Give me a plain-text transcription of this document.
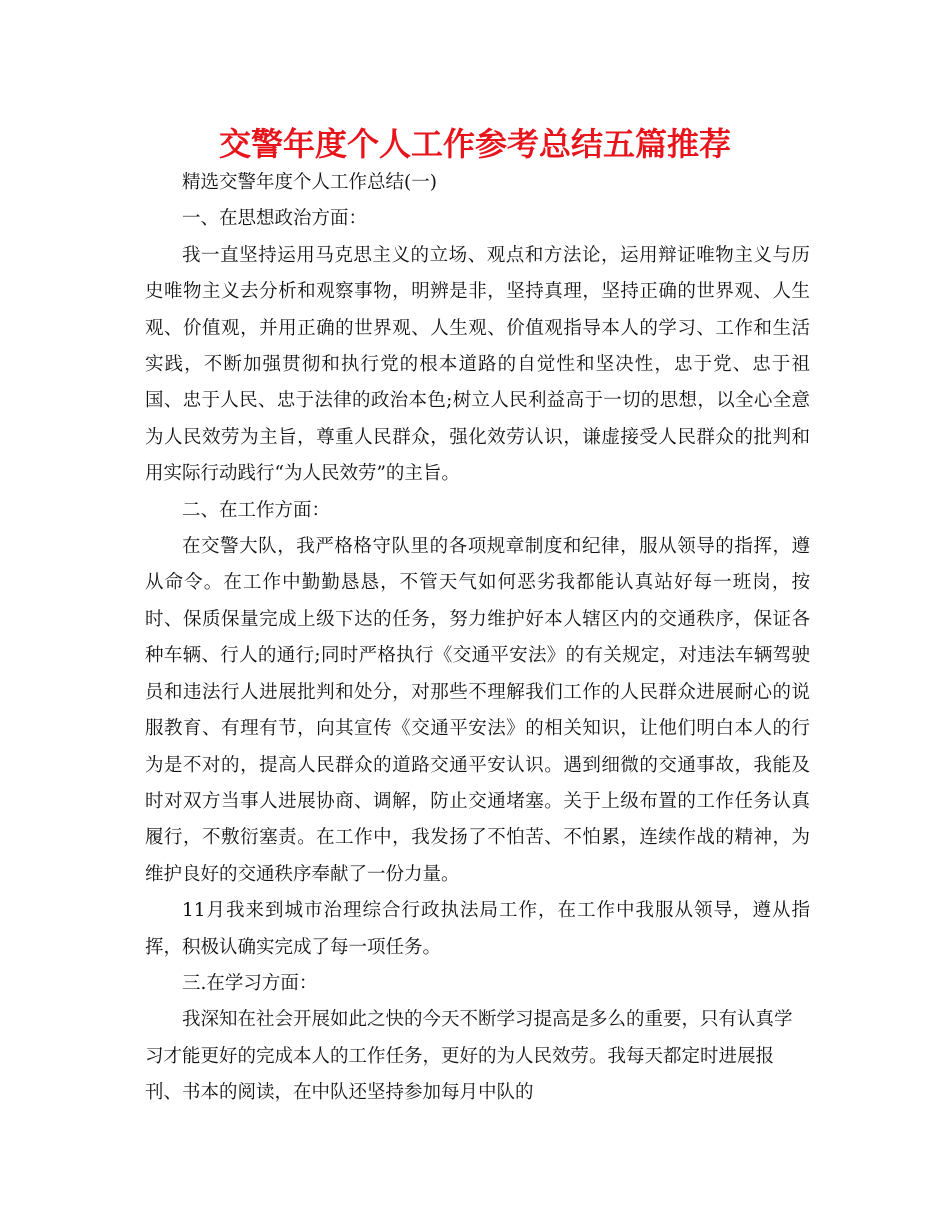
交警年度个人工作参考总结五篇推荐

精选交警年度个人工作总结(一)

一、在思想政治方面：

我一直坚持运用马克思主义的立场、观点和方法论，运用辩证唯物主义与历史唯物主义去分析和观察事物，明辨是非，坚持真理，坚持正确的世界观、人生观、价值观，并用正确的世界观、人生观、价值观指导本人的学习、工作和生活实践，不断加强贯彻和执行党的根本道路的自觉性和坚决性，忠于党、忠于祖国、忠于人民、忠于法律的政治本色;树立人民利益高于一切的思想，以全心全意为人民效劳为主旨，尊重人民群众，强化效劳认识，谦虚接受人民群众的批判和用实际行动践行“为人民效劳”的主旨。

二、在工作方面：

在交警大队，我严格格守队里的各项规章制度和纪律，服从领导的指挥，遵从命令。在工作中勤勤恳恳，不管天气如何恶劣我都能认真站好每一班岗，按时、保质保量完成上级下达的任务，努力维护好本人辖区内的交通秩序，保证各种车辆、行人的通行;同时严格执行《交通平安法》的有关规定，对违法车辆驾驶员和违法行人进展批判和处分，对那些不理解我们工作的人民群众进展耐心的说服教育、有理有节，向其宣传《交通平安法》的相关知识，让他们明白本人的行为是不对的，提高人民群众的道路交通平安认识。遇到细微的交通事故，我能及时对双方当事人进展协商、调解，防止交通堵塞。关于上级布置的工作任务认真履行，不敷衍塞责。在工作中，我发扬了不怕苦、不怕累，连续作战的精神，为维护良好的交通秩序奉献了一份力量。

11月我来到城市治理综合行政执法局工作，在工作中我服从领导，遵从指挥，积极认确实完成了每一项任务。

三.在学习方面：

我深知在社会开展如此之快的今天不断学习提高是多么的重要，只有认真学习才能更好的完成本人的工作任务，更好的为人民效劳。我每天都定时进展报刊、书本的阅读，在中队还坚持参加每月中队的
